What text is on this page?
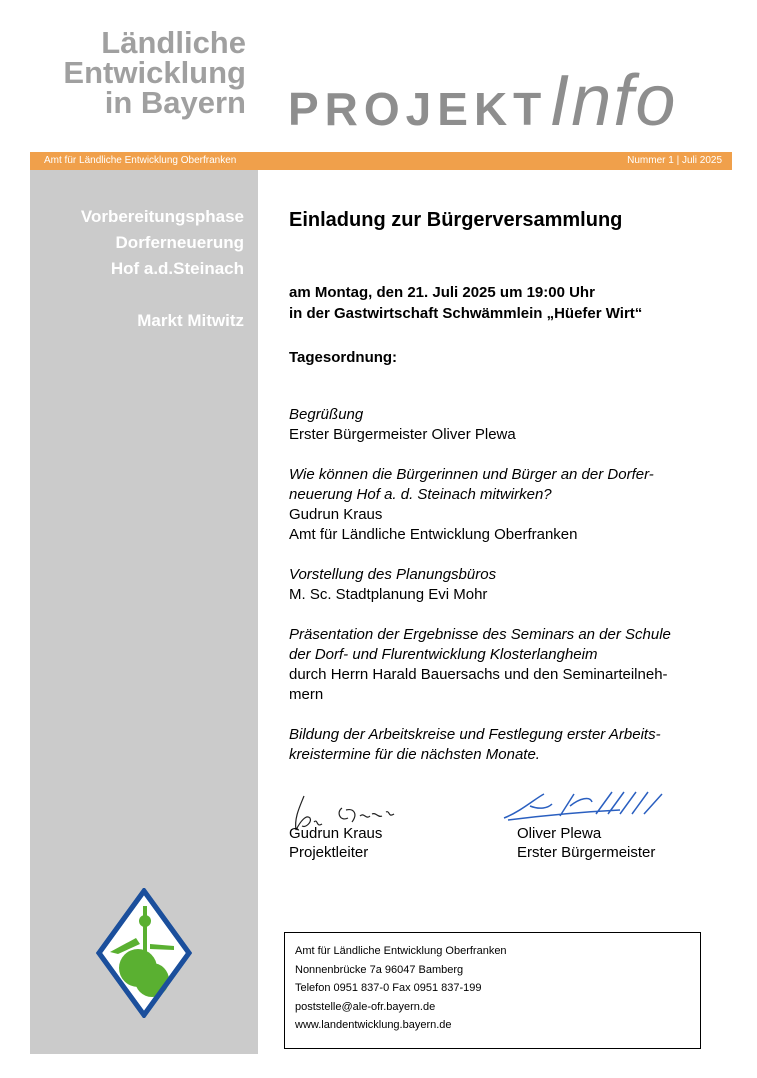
Ländliche
Entwicklung
in Bayern PROJEKTInfo
Amt für Ländliche Entwicklung Oberfranken	Nummer 1 | Juli 2025
Vorbereitungsphase
Dorferneuerung
Hof a.d.Steinach
Markt Mitwitz
Einladung zur Bürgerversammlung
am Montag, den 21. Juli 2025 um 19:00 Uhr
in der Gastwirtschaft Schwämmlein „Hüefer Wirt“
Tagesordnung:
Begrüßung
Erster Bürgermeister Oliver Plewa
Wie können die Bürgerinnen und Bürger an der Dorfer-
neuerung Hof a. d. Steinach mitwirken?
Gudrun Kraus
Amt für Ländliche Entwicklung Oberfranken
Vorstellung des Planungsbüros
M. Sc. Stadtplanung Evi Mohr
Präsentation der Ergebnisse des Seminars an der Schule
der Dorf- und Flurentwicklung Klosterlangheim
durch Herrn Harald Bauersachs und den Seminarteilneh-
mern
Bildung der Arbeitskreise und Festlegung erster Arbeits-
kreistermine für die nächsten Monate.
Gudrun Kraus
Projektleiter
Oliver Plewa
Erster Bürgermeister
Amt für Ländliche Entwicklung Oberfranken
Nonnenbrücke 7a 96047 Bamberg
Telefon 0951 837-0 Fax 0951 837-199
poststelle@ale-ofr.bayern.de
www.landentwicklung.bayern.de
